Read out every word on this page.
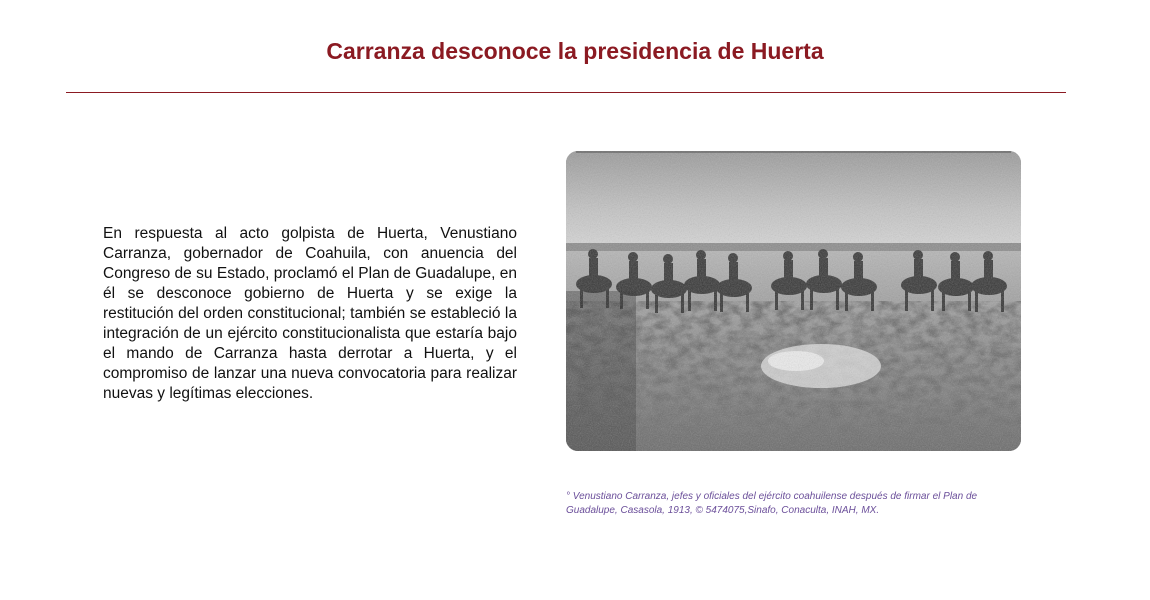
Carranza desconoce la presidencia de Huerta

En respuesta al acto golpista de Huerta, Venustiano Carranza, gobernador de Coahuila, con anuencia del Congreso de su Estado, proclamó el Plan de Guadalupe, en él se desconoce gobierno de Huerta y se exige la restitución del orden constitucional; también se estableció la integración de un ejército constitucionalista que estaría bajo el mando de Carranza hasta derrotar a Huerta, y el compromiso de lanzar una nueva convocatoria para realizar nuevas y legítimas elecciones.

° Venustiano Carranza, jefes y oficiales del ejército coahuilense después de firmar el Plan de Guadalupe, Casasola, 1913, © 5474075,Sinafo, Conaculta, INAH, MX.
